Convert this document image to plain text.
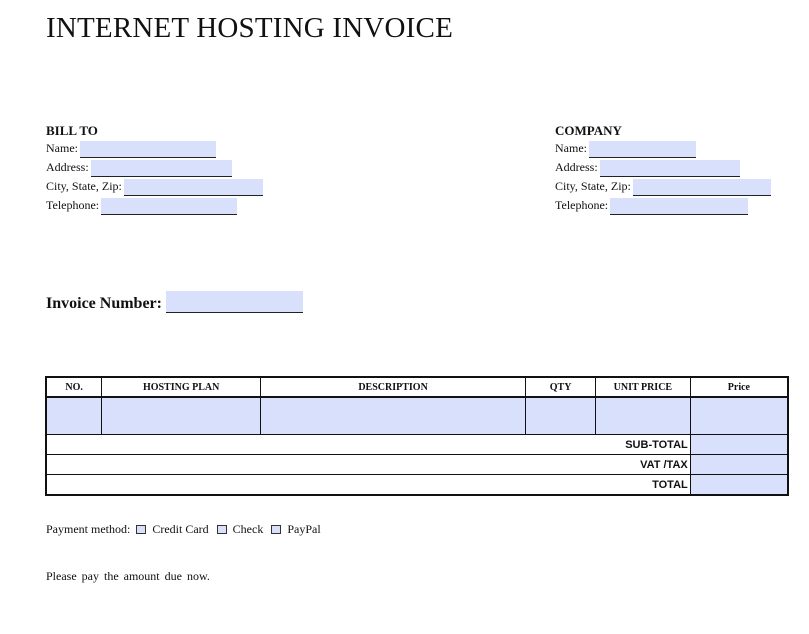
INTERNET HOSTING INVOICE
BILL TO
Name:
Address:
City, State, Zip:
Telephone:
COMPANY
Name:
Address:
City, State, Zip:
Telephone:
Invoice Number:
NO.	HOSTING PLAN	DESCRIPTION	QTY	UNIT PRICE	Price

SUB-TOTAL					
VAT /TAX					
TOTAL					
Payment method: Credit Card Check PayPal
Please pay the amount due now.
